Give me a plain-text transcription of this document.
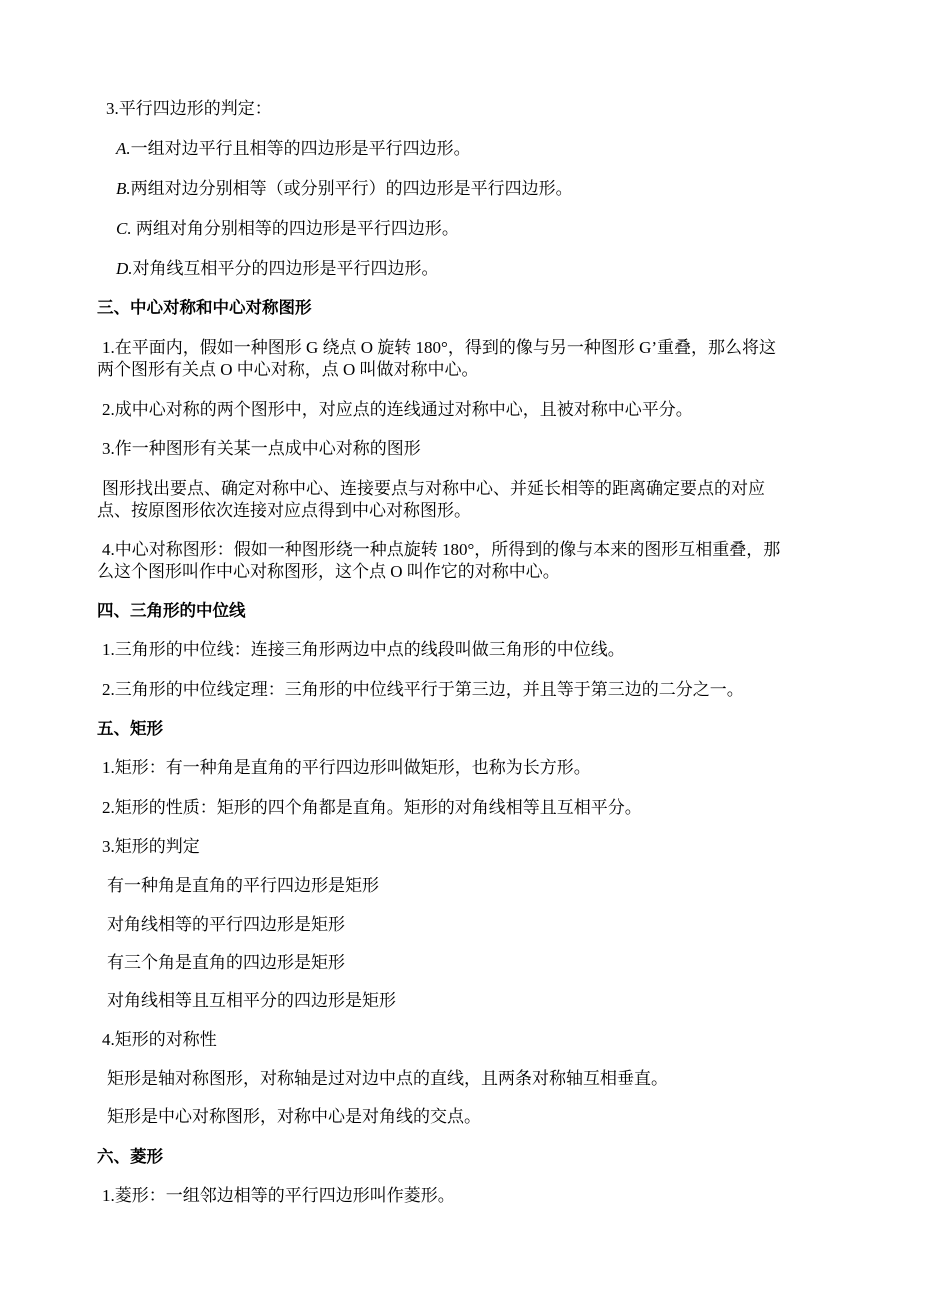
3.平行四边形的判定：
A.一组对边平行且相等的四边形是平行四边形。
B.两组对边分别相等（或分别平行）的四边形是平行四边形。
C. 两组对角分别相等的四边形是平行四边形。
D.对角线互相平分的四边形是平行四边形。
三、中心对称和中心对称图形
1.在平面内，假如一种图形 G 绕点 O 旋转 180°，得到的像与另一种图形 G’重叠，那么将这
两个图形有关点 O 中心对称，点 O 叫做对称中心。
2.成中心对称的两个图形中，对应点的连线通过对称中心，且被对称中心平分。
3.作一种图形有关某一点成中心对称的图形
图形找出要点、确定对称中心、连接要点与对称中心、并延长相等的距离确定要点的对应
点、按原图形依次连接对应点得到中心对称图形。
4.中心对称图形：假如一种图形绕一种点旋转 180°，所得到的像与本来的图形互相重叠，那
么这个图形叫作中心对称图形，这个点 O 叫作它的对称中心。
四、三角形的中位线
1.三角形的中位线：连接三角形两边中点的线段叫做三角形的中位线。
2.三角形的中位线定理：三角形的中位线平行于第三边，并且等于第三边的二分之一。
五、矩形
1.矩形：有一种角是直角的平行四边形叫做矩形，也称为长方形。
2.矩形的性质：矩形的四个角都是直角。矩形的对角线相等且互相平分。
3.矩形的判定
有一种角是直角的平行四边形是矩形
对角线相等的平行四边形是矩形
有三个角是直角的四边形是矩形
对角线相等且互相平分的四边形是矩形
4.矩形的对称性
矩形是轴对称图形，对称轴是过对边中点的直线，且两条对称轴互相垂直。
矩形是中心对称图形，对称中心是对角线的交点。
六、菱形
1.菱形：一组邻边相等的平行四边形叫作菱形。
